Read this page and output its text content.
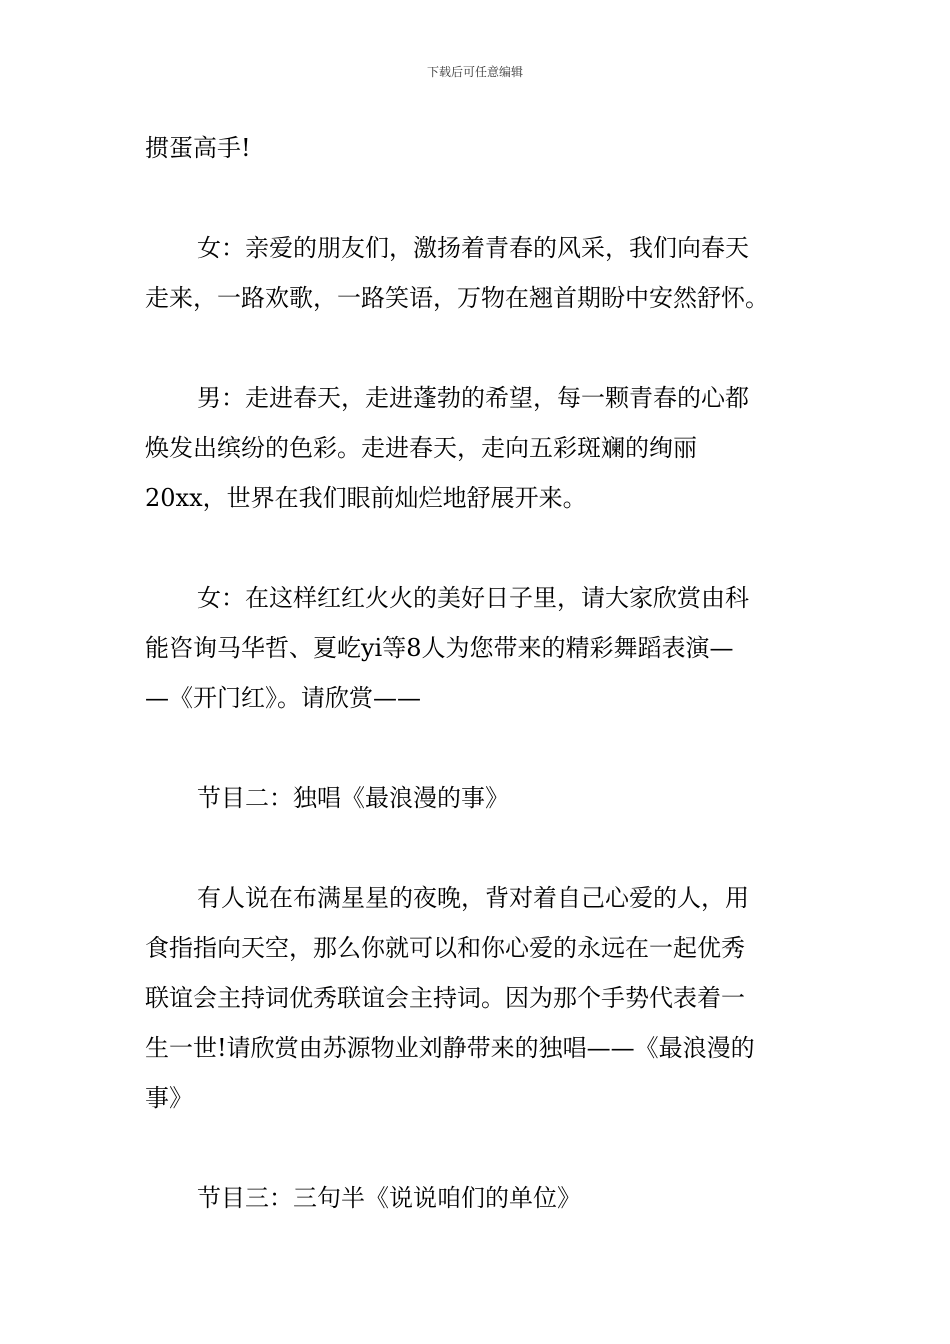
下载后可任意编辑
掼蛋高手!
女：亲爱的朋友们，激扬着青春的风采，我们向春天
走来，一路欢歌，一路笑语，万物在翘首期盼中安然舒怀。
男：走进春天，走进蓬勃的希望，每一颗青春的心都
焕发出缤纷的色彩。走进春天，走向五彩斑斓的绚丽
20xx，世界在我们眼前灿烂地舒展开来。
女：在这样红红火火的美好日子里，请大家欣赏由科
能咨询马华哲、夏屹yi等8人为您带来的精彩舞蹈表演—
—《开门红》。请欣赏——
节目二：独唱《最浪漫的事》
有人说在布满星星的夜晚，背对着自己心爱的人，用
食指指向天空，那么你就可以和你心爱的永远在一起优秀
联谊会主持词优秀联谊会主持词。因为那个手势代表着一
生一世!请欣赏由苏源物业刘静带来的独唱——《最浪漫的
事》
节目三：三句半《说说咱们的单位》
